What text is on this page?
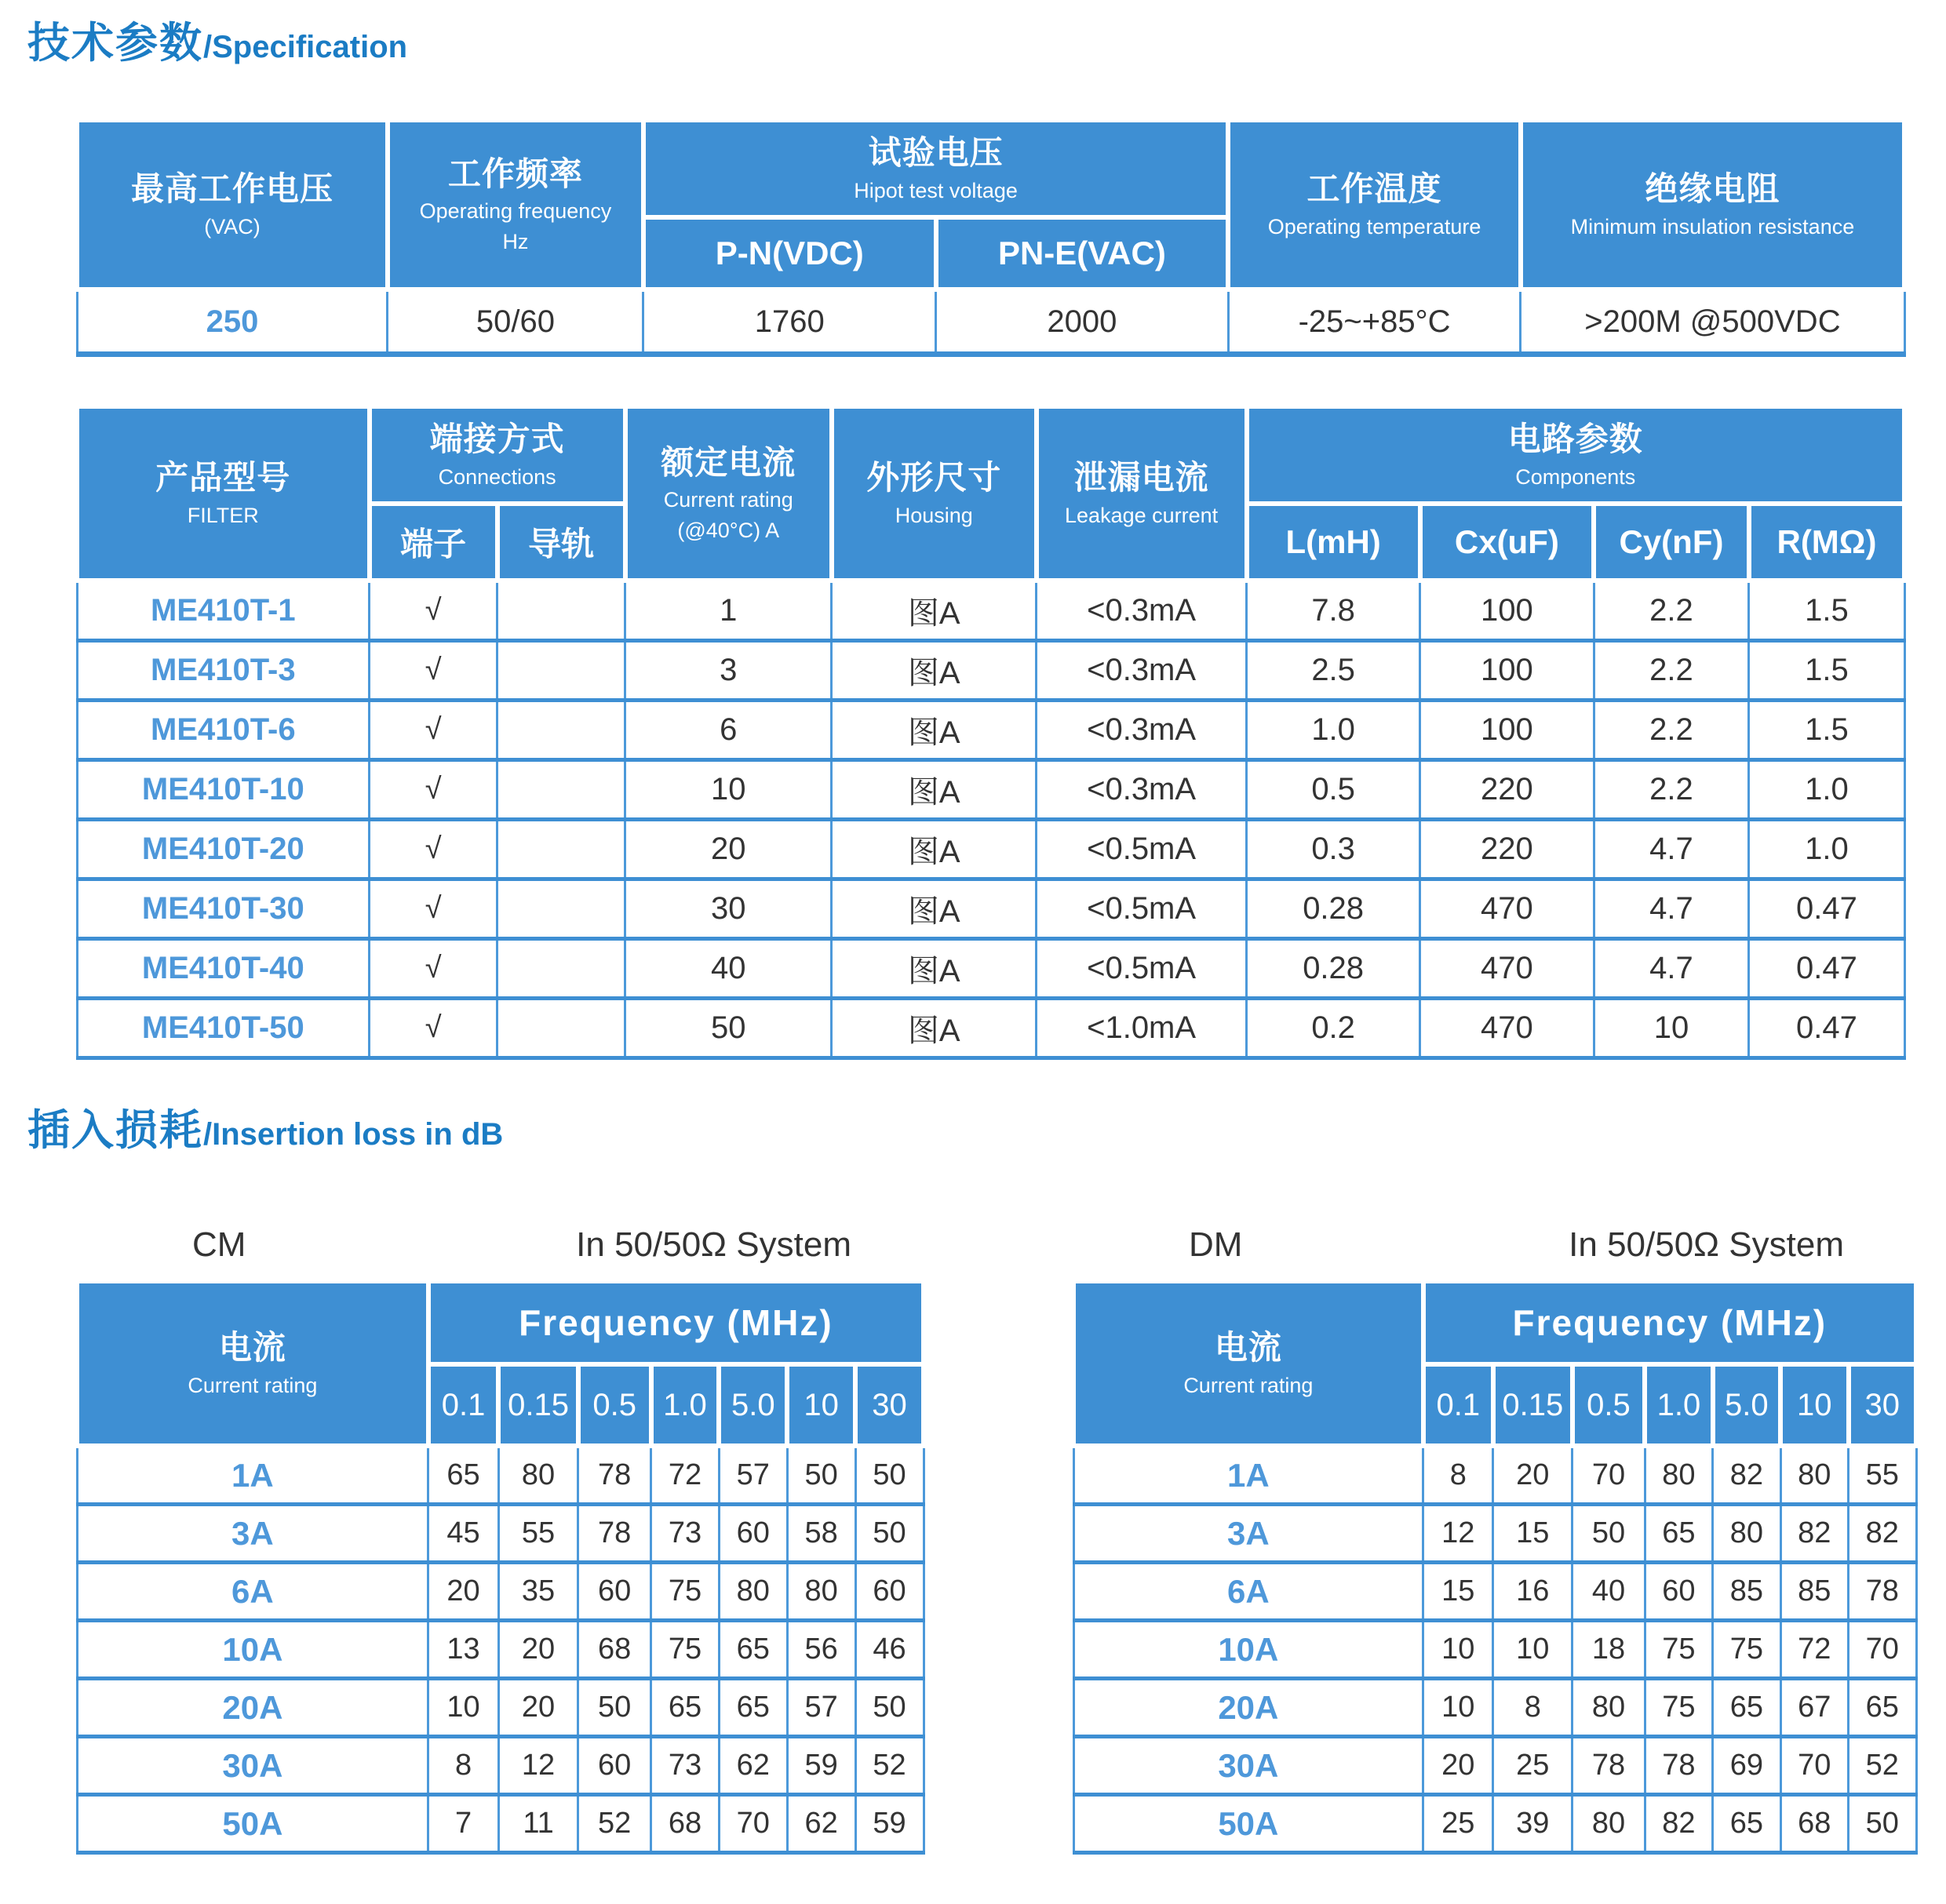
技术参数/Specification
最高工作电压
(VAC)	工作频率
Operating frequency
Hz	试验电压
Hipot test voltage		工作温度
Operating temperature	绝缘电阻
Minimum insulation resistance

		P-N(VDC)	PN-E(VAC)		
250	50/60	1760	2000	-25~+85°C	>200M @500VDC
产品型号
FILTER	端接方式
Connections		额定电流
Current rating
(@40°C) A	外形尺寸
Housing	泄漏电流
Leakage current	电路参数
Components			

	端子	导轨				L(mH)	Cx(uF)	Cy(nF)	R(MΩ)
ME410T-1	√		1	图A	<0.3mA	7.8	100	2.2	1.5
ME410T-3	√		3	图A	<0.3mA	2.5	100	2.2	1.5
ME410T-6	√		6	图A	<0.3mA	1.0	100	2.2	1.5
ME410T-10	√		10	图A	<0.3mA	0.5	220	2.2	1.0
ME410T-20	√		20	图A	<0.5mA	0.3	220	4.7	1.0
ME410T-30	√		30	图A	<0.5mA	0.28	470	4.7	0.47
ME410T-40	√		40	图A	<0.5mA	0.28	470	4.7	0.47
ME410T-50	√		50	图A	<1.0mA	0.2	470	10	0.47
插入损耗/Insertion loss in dB
CM	In 50/50Ω System
电流
Current rating	Frequency (MHz)						
	0.1	0.15	0.5	1.0	5.0	10	30
1A	65	80	78	72	57	50	50
3A	45	55	78	73	60	58	50
6A	20	35	60	75	80	80	60
10A	13	20	68	75	65	56	46
20A	10	20	50	65	65	57	50
30A	8	12	60	73	62	59	52
50A	7	11	52	68	70	62	59
DM	In 50/50Ω System
电流
Current rating	Frequency (MHz)						
	0.1	0.15	0.5	1.0	5.0	10	30
1A	8	20	70	80	82	80	55
3A	12	15	50	65	80	82	82
6A	15	16	40	60	85	85	78
10A	10	10	18	75	75	72	70
20A	10	8	80	75	65	67	65
30A	20	25	78	78	69	70	52
50A	25	39	80	82	65	68	50
